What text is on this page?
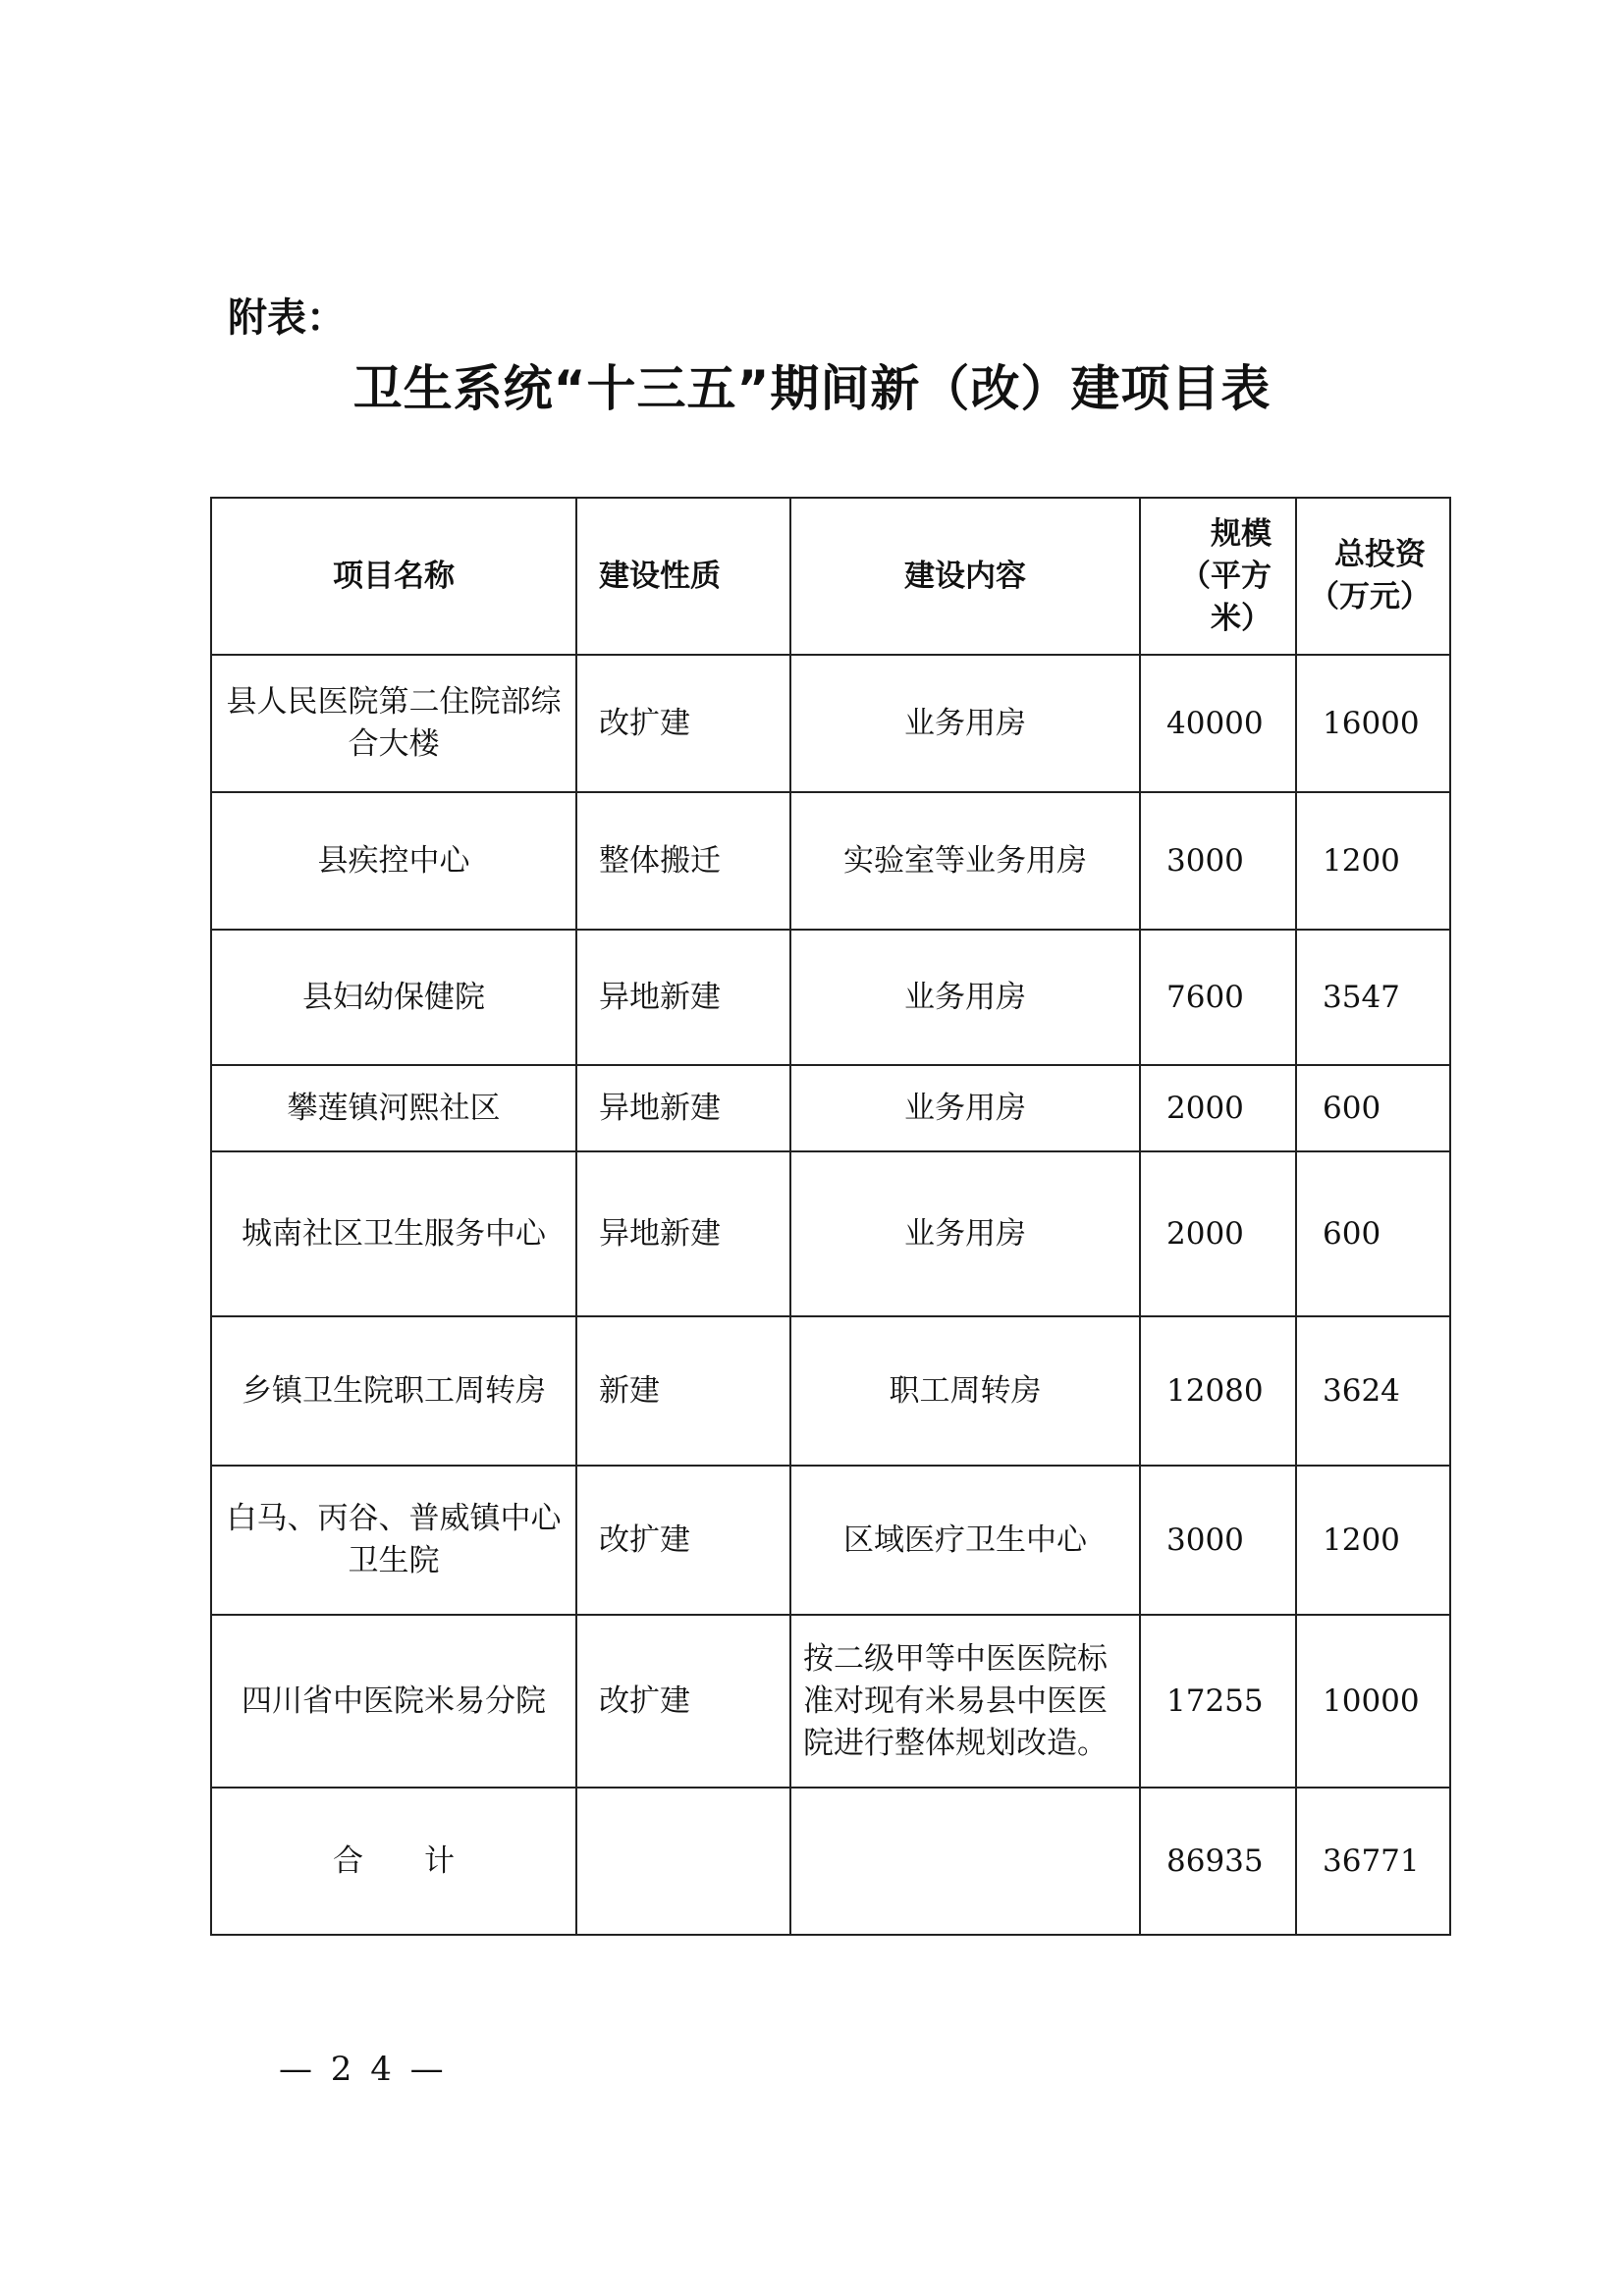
附表：
卫生系统“十三五”期间新（改）建项目表
项目名称	建设性质	建设内容	规模（平方米）	总投资（万元）
县人民医院第二住院部综合大楼	改扩建	业务用房	40000	16000
县疾控中心	整体搬迁	实验室等业务用房	3000	1200
县妇幼保健院	异地新建	业务用房	7600	3547
攀莲镇河熙社区	异地新建	业务用房	2000	600
城南社区卫生服务中心	异地新建	业务用房	2000	600
乡镇卫生院职工周转房	新建	职工周转房	12080	3624
白马、丙谷、普威镇中心卫生院	改扩建	区域医疗卫生中心	3000	1200
四川省中医院米易分院	改扩建	按二级甲等中医医院标准对现有米易县中医医院进行整体规划改造。	17255	10000
合　　计			86935	36771
— 2 4 —
